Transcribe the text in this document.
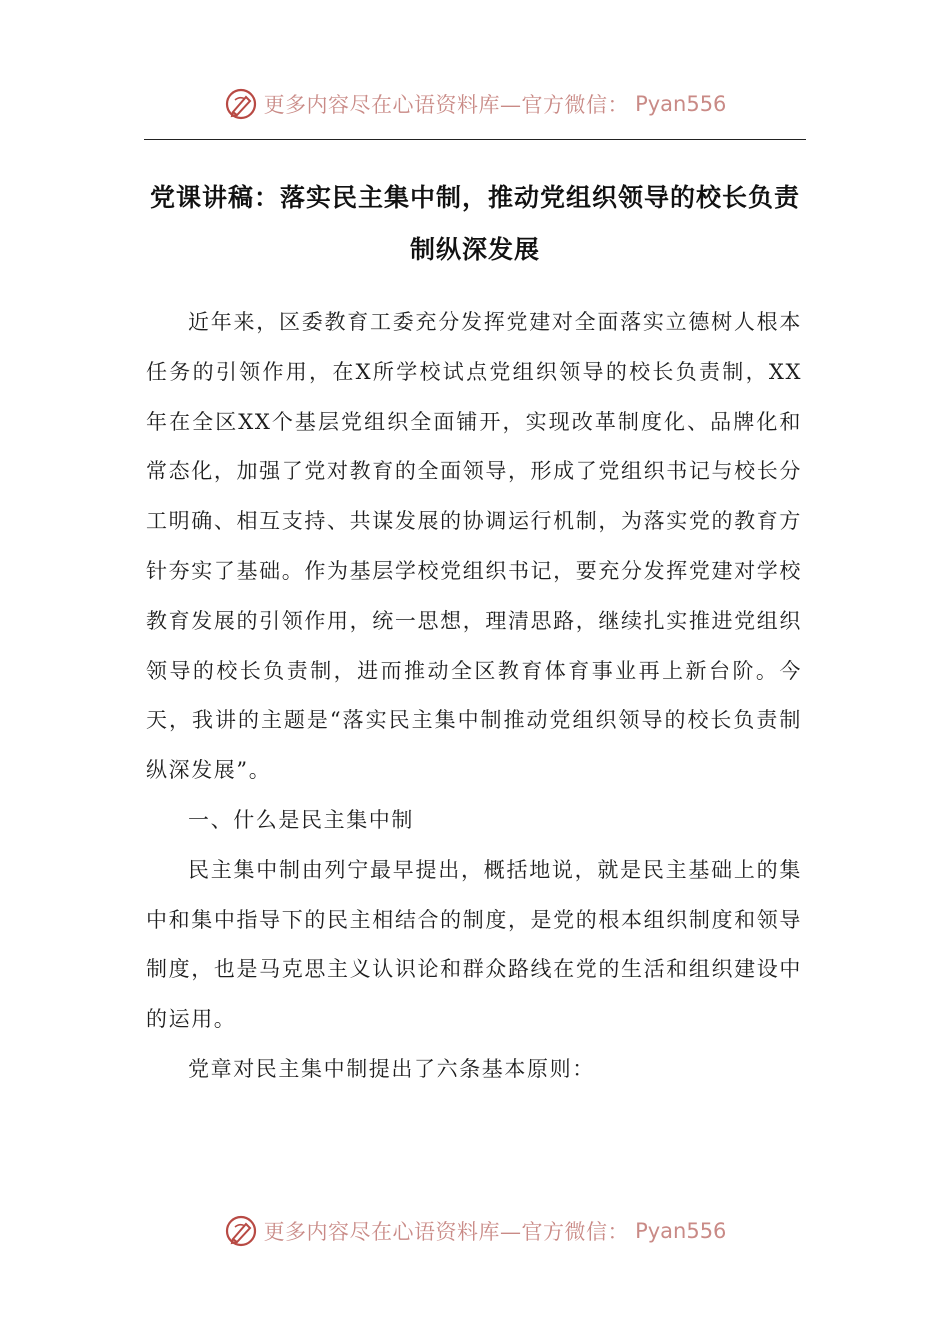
更多内容尽在心语资料库—官方微信： Pyan556
党课讲稿：落实民主集中制，推动党组织领导的校长负责制纵深发展

近年来，区委教育工委充分发挥党建对全面落实立德树人根本任务的引领作用，在X所学校试点党组织领导的校长负责制，XX年在全区XX个基层党组织全面铺开，实现改革制度化、品牌化和常态化，加强了党对教育的全面领导，形成了党组织书记与校长分工明确、相互支持、共谋发展的协调运行机制，为落实党的教育方针夯实了基础。作为基层学校党组织书记，要充分发挥党建对学校教育发展的引领作用，统一思想，理清思路，继续扎实推进党组织领导的校长负责制，进而推动全区教育体育事业再上新台阶。今天，我讲的主题是“落实民主集中制推动党组织领导的校长负责制纵深发展”。

一、什么是民主集中制

民主集中制由列宁最早提出，概括地说，就是民主基础上的集中和集中指导下的民主相结合的制度，是党的根本组织制度和领导制度，也是马克思主义认识论和群众路线在党的生活和组织建设中的运用。

党章对民主集中制提出了六条基本原则：

更多内容尽在心语资料库—官方微信： Pyan556
